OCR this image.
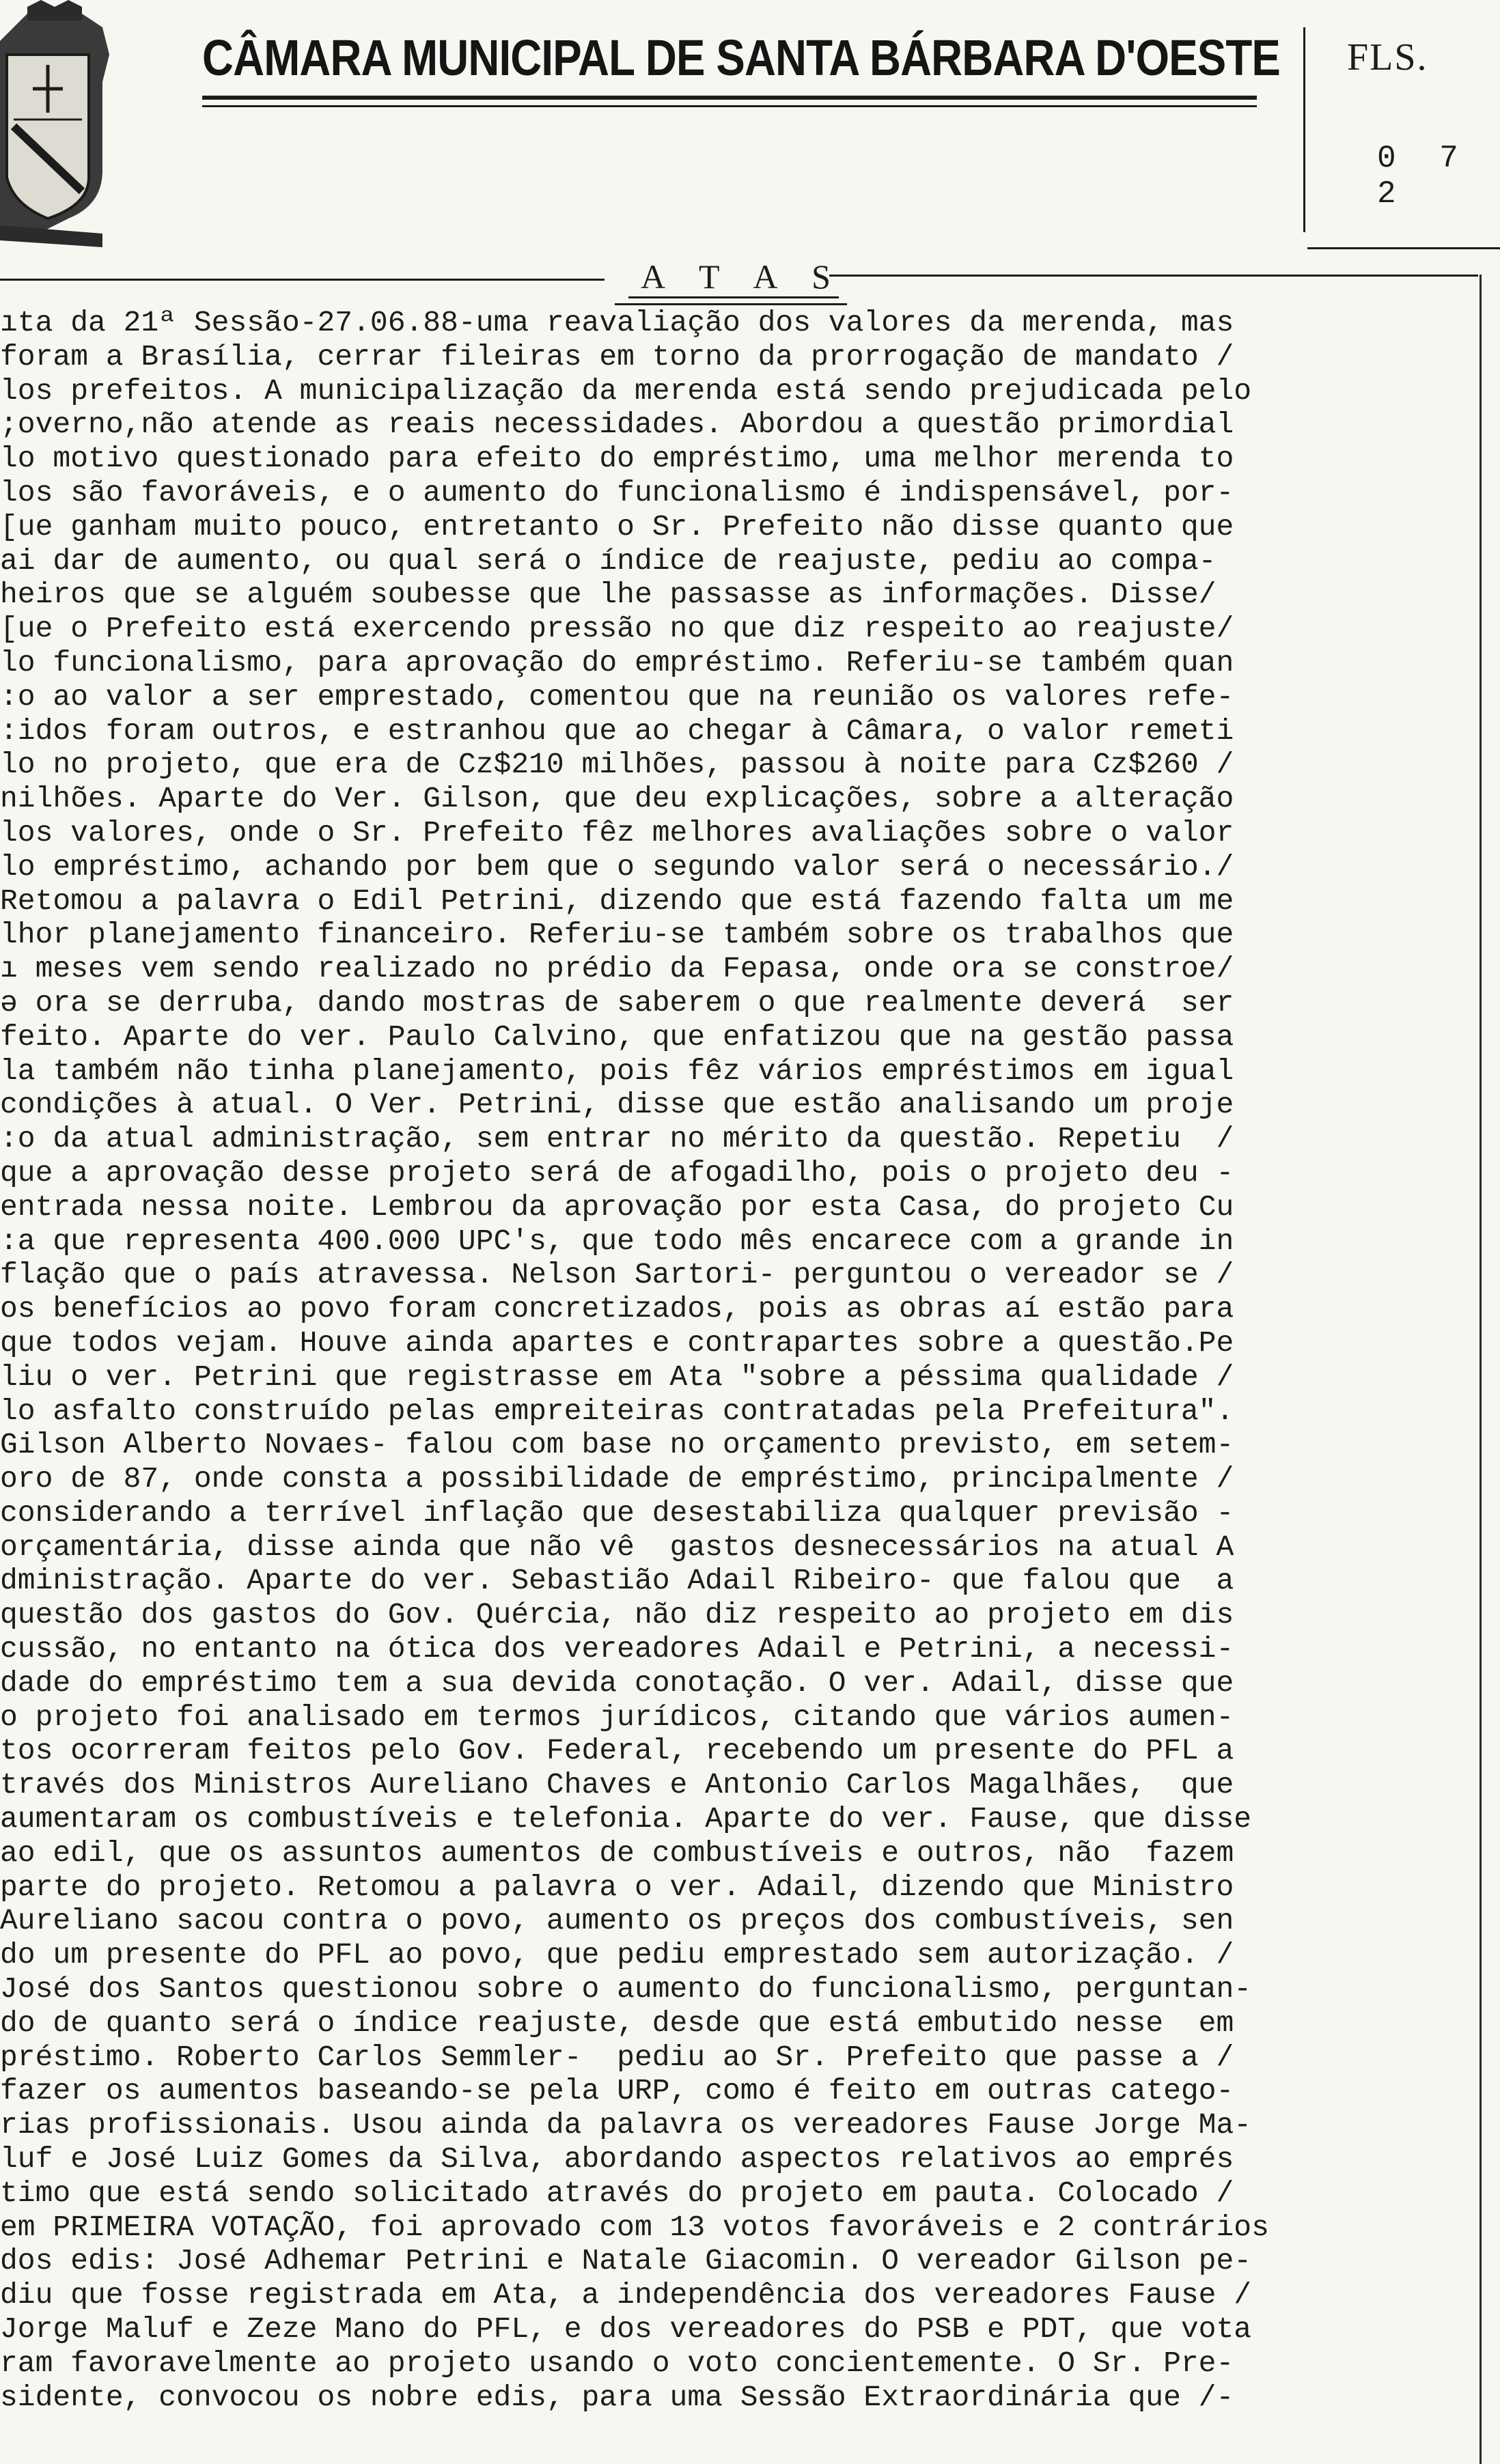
CÂMARA MUNICIPAL DE SANTA BÁRBARA D'OESTE FLS.
0 7 2
A T A S
ıta da 21ª Sessão-27.06.88-uma reavaliação dos valores da merenda, mas
foram a Brasília, cerrar fileiras em torno da prorrogação de mandato /
los prefeitos. A municipalização da merenda está sendo prejudicada pelo
;overno,não atende as reais necessidades. Abordou a questão primordial
lo motivo questionado para efeito do empréstimo, uma melhor merenda to
los são favoráveis, e o aumento do funcionalismo é indispensável, por-
[ue ganham muito pouco, entretanto o Sr. Prefeito não disse quanto que
ai dar de aumento, ou qual será o índice de reajuste, pediu ao compa-
heiros que se alguém soubesse que lhe passasse as informações. Disse/
[ue o Prefeito está exercendo pressão no que diz respeito ao reajuste/
lo funcionalismo, para aprovação do empréstimo. Referiu-se também quan
:o ao valor a ser emprestado, comentou que na reunião os valores refe-
:idos foram outros, e estranhou que ao chegar à Câmara, o valor remeti
lo no projeto, que era de Cz$210 milhões, passou à noite para Cz$260 /
nilhões. Aparte do Ver. Gilson, que deu explicações, sobre a alteração
los valores, onde o Sr. Prefeito fêz melhores avaliações sobre o valor
lo empréstimo, achando por bem que o segundo valor será o necessário./
Retomou a palavra o Edil Petrini, dizendo que está fazendo falta um me
lhor planejamento financeiro. Referiu-se também sobre os trabalhos que
ı meses vem sendo realizado no prédio da Fepasa, onde ora se constroe/
ə ora se derruba, dando mostras de saberem o que realmente deverá  ser
feito. Aparte do ver. Paulo Calvino, que enfatizou que na gestão passa
la também não tinha planejamento, pois fêz vários empréstimos em igual
condições à atual. O Ver. Petrini, disse que estão analisando um proje
:o da atual administração, sem entrar no mérito da questão. Repetiu  /
que a aprovação desse projeto será de afogadilho, pois o projeto deu -
entrada nessa noite. Lembrou da aprovação por esta Casa, do projeto Cu
:a que representa 400.000 UPC's, que todo mês encarece com a grande in
flação que o país atravessa. Nelson Sartori- perguntou o vereador se /
os benefícios ao povo foram concretizados, pois as obras aí estão para
que todos vejam. Houve ainda apartes e contrapartes sobre a questão.Pe
liu o ver. Petrini que registrasse em Ata "sobre a péssima qualidade /
lo asfalto construído pelas empreiteiras contratadas pela Prefeitura".
Gilson Alberto Novaes- falou com base no orçamento previsto, em setem-
oro de 87, onde consta a possibilidade de empréstimo, principalmente /
considerando a terrível inflação que desestabiliza qualquer previsão -
orçamentária, disse ainda que não vê  gastos desnecessários na atual A
dministração. Aparte do ver. Sebastião Adail Ribeiro- que falou que  a
questão dos gastos do Gov. Quércia, não diz respeito ao projeto em dis
cussão, no entanto na ótica dos vereadores Adail e Petrini, a necessi-
dade do empréstimo tem a sua devida conotação. O ver. Adail, disse que
o projeto foi analisado em termos jurídicos, citando que vários aumen-
tos ocorreram feitos pelo Gov. Federal, recebendo um presente do PFL a
través dos Ministros Aureliano Chaves e Antonio Carlos Magalhães,  que
aumentaram os combustíveis e telefonia. Aparte do ver. Fause, que disse
ao edil, que os assuntos aumentos de combustíveis e outros, não  fazem
parte do projeto. Retomou a palavra o ver. Adail, dizendo que Ministro
Aureliano sacou contra o povo, aumento os preços dos combustíveis, sen
do um presente do PFL ao povo, que pediu emprestado sem autorização. /
José dos Santos questionou sobre o aumento do funcionalismo, perguntan-
do de quanto será o índice reajuste, desde que está embutido nesse  em
préstimo. Roberto Carlos Semmler-  pediu ao Sr. Prefeito que passe a /
fazer os aumentos baseando-se pela URP, como é feito em outras catego-
rias profissionais. Usou ainda da palavra os vereadores Fause Jorge Ma-
luf e José Luiz Gomes da Silva, abordando aspectos relativos ao emprés
timo que está sendo solicitado através do projeto em pauta. Colocado /
em PRIMEIRA VOTAÇÃO, foi aprovado com 13 votos favoráveis e 2 contrários
dos edis: José Adhemar Petrini e Natale Giacomin. O vereador Gilson pe-
diu que fosse registrada em Ata, a independência dos vereadores Fause /
Jorge Maluf e Zeze Mano do PFL, e dos vereadores do PSB e PDT, que vota
ram favoravelmente ao projeto usando o voto concientemente. O Sr. Pre-
sidente, convocou os nobre edis, para uma Sessão Extraordinária que /-
